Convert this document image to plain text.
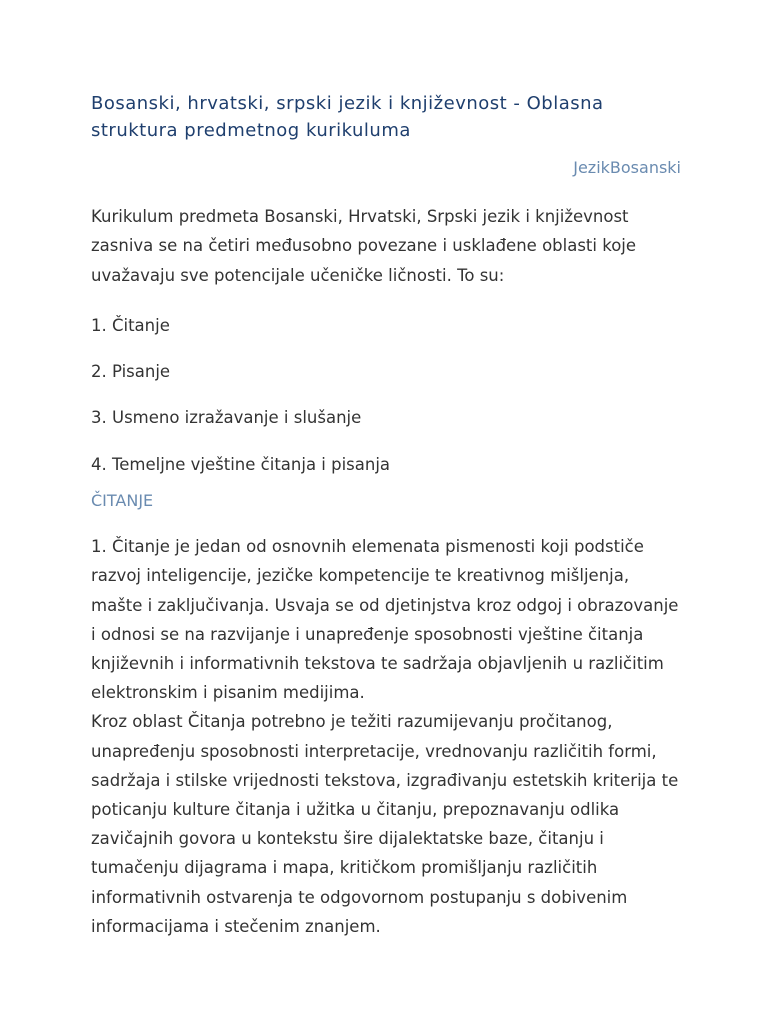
Bosanski, hrvatski, srpski jezik i književnost - Oblasna struktura predmetnog kurikuluma
JezikBosanski

Kurikulum predmeta Bosanski, Hrvatski, Srpski jezik i književnost zasniva se na četiri međusobno povezane i usklađene oblasti koje uvažavaju sve potencijale učeničke ličnosti. To su:

1. Čitanje

2. Pisanje

3. Usmeno izražavanje i slušanje

4. Temeljne vještine čitanja i pisanja

ČITANJE

1. Čitanje je jedan od osnovnih elemenata pismenosti koji podstiče razvoj inteligencije, jezičke kompetencije te kreativnog mišljenja, mašte i zaključivanja. Usvaja se od djetinjstva kroz odgoj i obrazovanje i odnosi se na razvijanje i unapređenje sposobnosti vještine čitanja književnih i informativnih tekstova te sadržaja objavljenih u različitim elektronskim i pisanim medijima.
Kroz oblast Čitanja potrebno je težiti razumijevanju pročitanog, unapređenju sposobnosti interpretacije, vrednovanju različitih formi, sadržaja i stilske vrijednosti tekstova, izgrađivanju estetskih kriterija te poticanju kulture čitanja i užitka u čitanju, prepoznavanju odlika zavičajnih govora u kontekstu šire dijalektatske baze, čitanju i tumačenju dijagrama i mapa, kritičkom promišljanju različitih informativnih ostvarenja te odgovornom postupanju s dobivenim informacijama i stečenim znanjem.
